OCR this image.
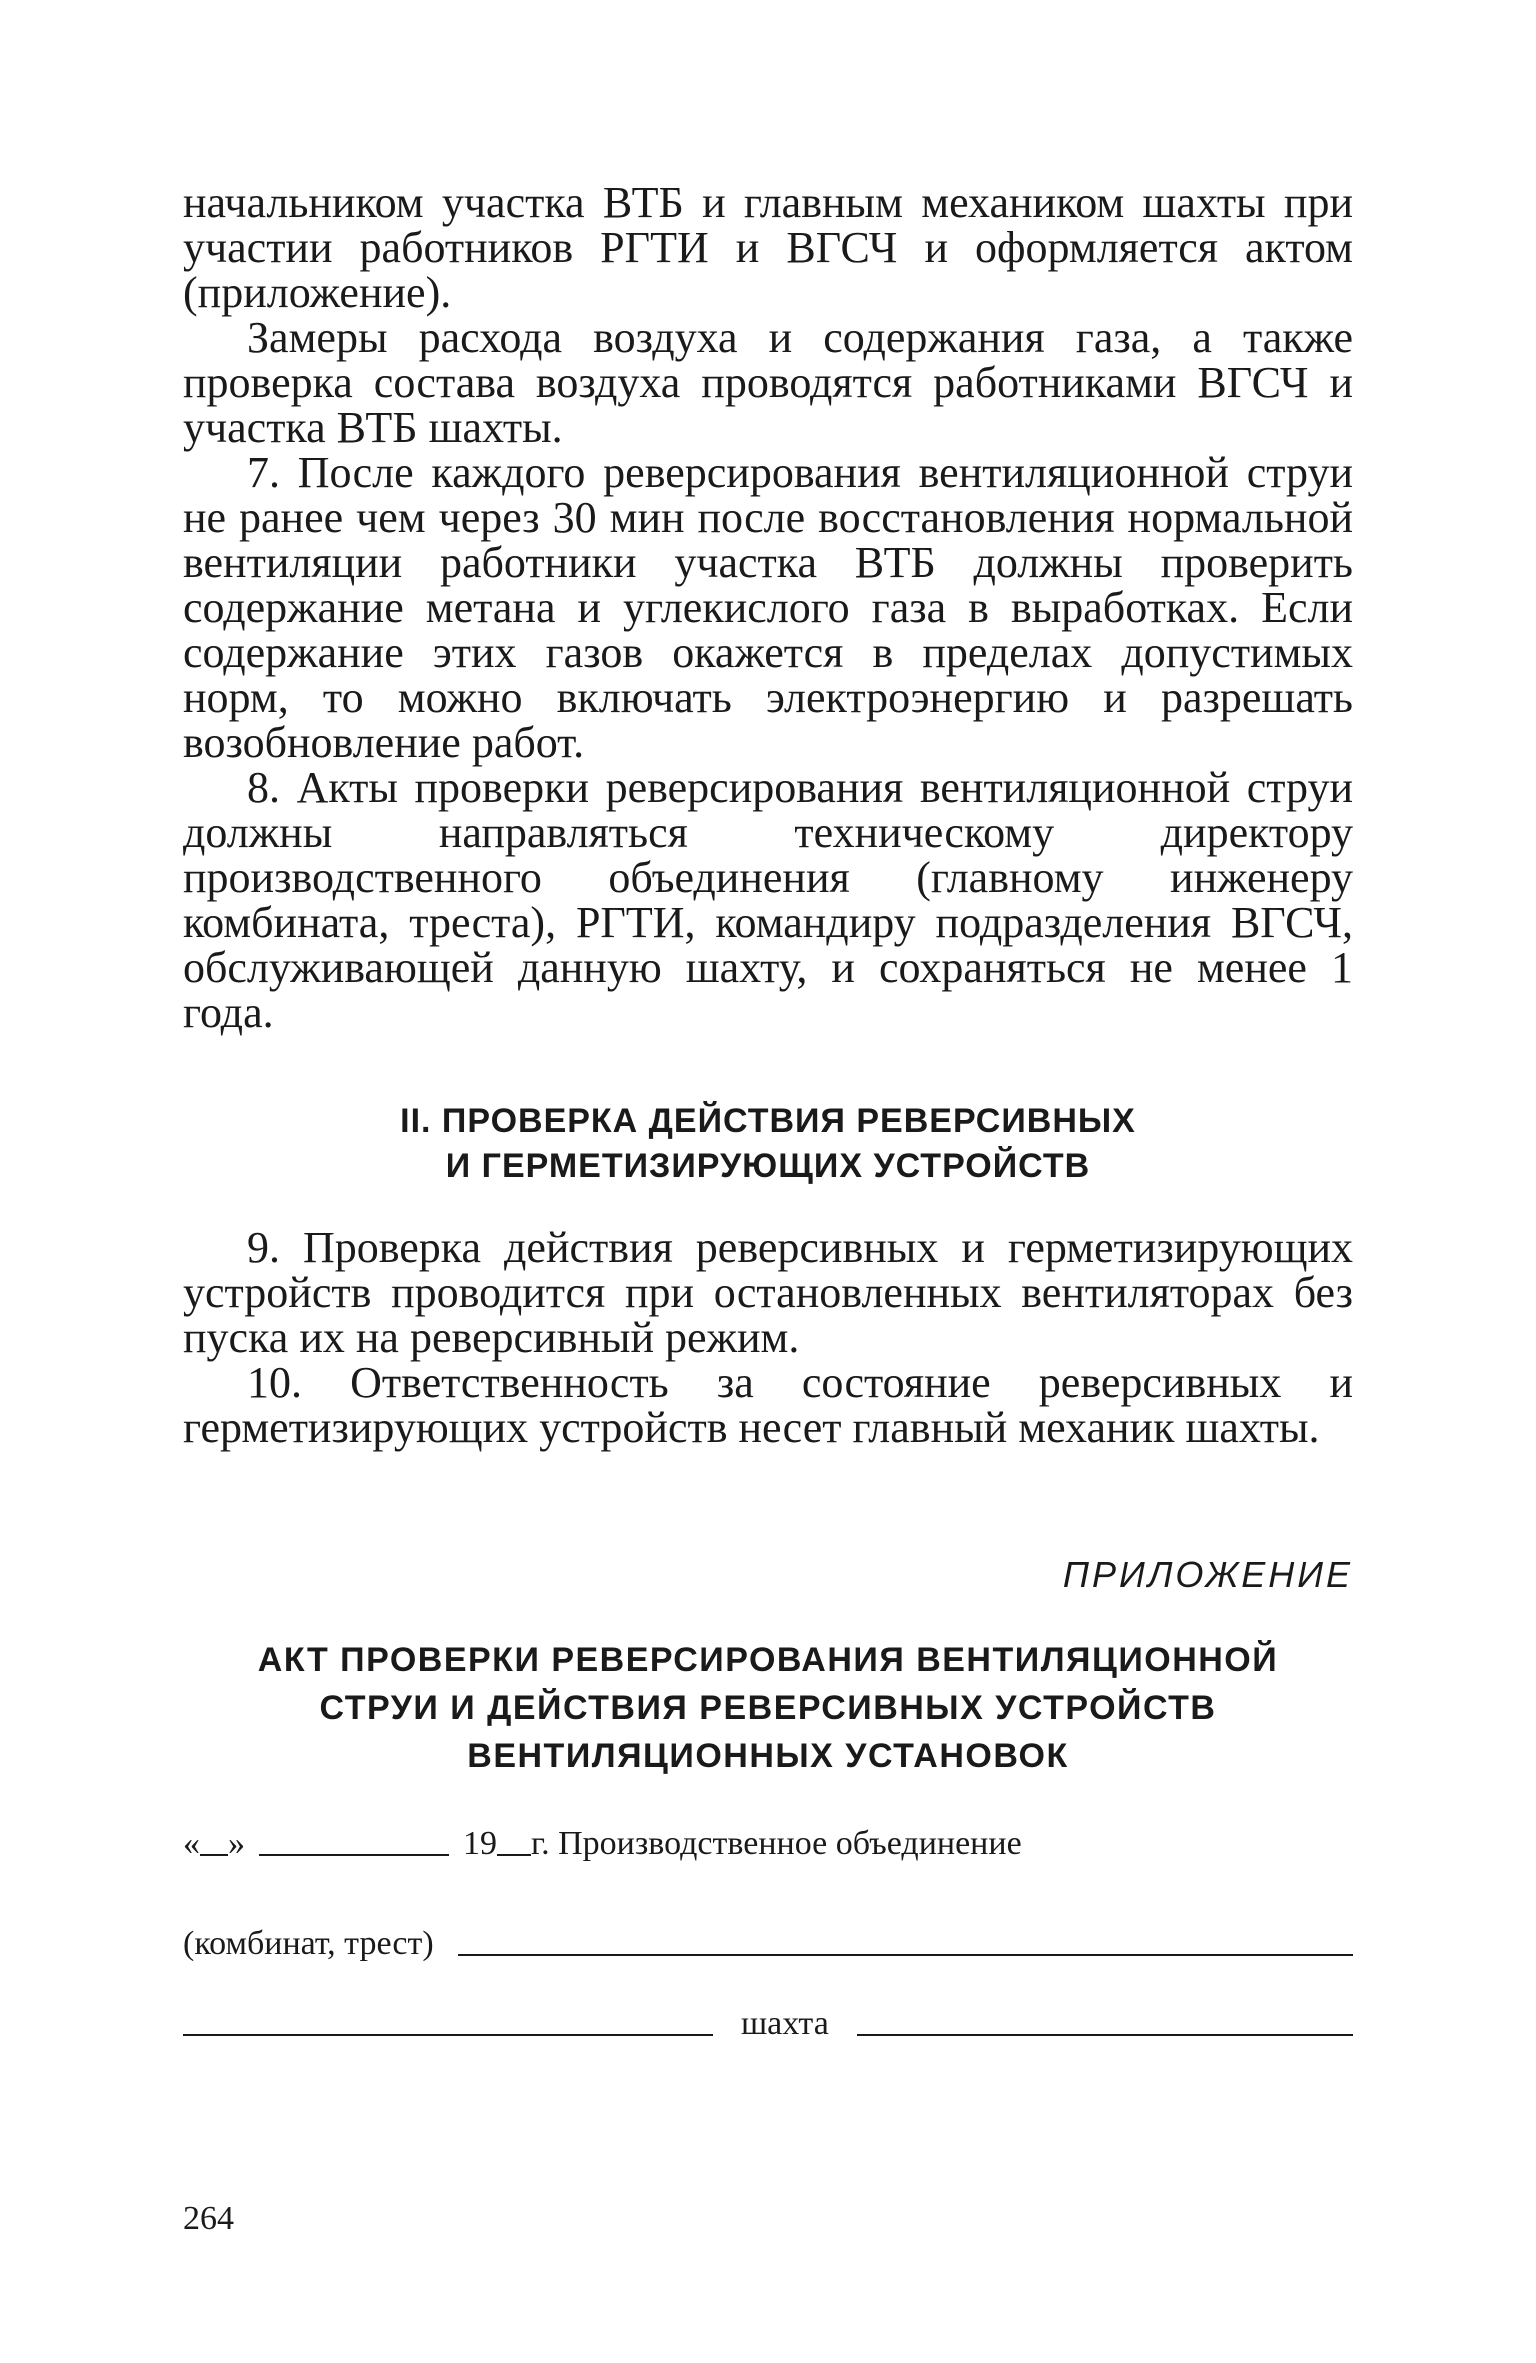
начальником участка ВТБ и главным механиком шахты при участии работников РГТИ и ВГСЧ и оформляется актом (приложение).

Замеры расхода воздуха и содержания газа, а также проверка состава воздуха проводятся работниками ВГСЧ и участка ВТБ шахты.

7. После каждого реверсирования вентиляционной струи не ранее чем через 30 мин после восстановления нормальной вентиляции работники участка ВТБ должны проверить содержание метана и углекислого газа в выработках. Если содержание этих газов окажется в пределах допустимых норм, то можно включать электроэнергию и разрешать возобновление работ.

8. Акты проверки реверсирования вентиляционной струи должны направляться техническому директору производственного объединения (главному инженеру комбината, треста), РГТИ, командиру подразделения ВГСЧ, обслуживающей данную шахту, и сохраняться не менее 1 года.

II. ПРОВЕРКА ДЕЙСТВИЯ РЕВЕРСИВНЫХ

И ГЕРМЕТИЗИРУЮЩИХ УСТРОЙСТВ

9. Проверка действия реверсивных и герметизирующих устройств проводится при остановленных вентиляторах без пуска их на реверсивный режим.

10. Ответственность за состояние реверсивных и герметизирующих устройств несет главный механик шахты.

ПРИЛОЖЕНИЕ

АКТ ПРОВЕРКИ РЕВЕРСИРОВАНИЯ ВЕНТИЛЯЦИОННОЙ

СТРУИ И ДЕЙСТВИЯ РЕВЕРСИВНЫХ УСТРОЙСТВ

ВЕНТИЛЯЦИОННЫХ УСТАНОВОК

« »	19 г. Производственное объединение
(комбинат, трест)
шахта
264
